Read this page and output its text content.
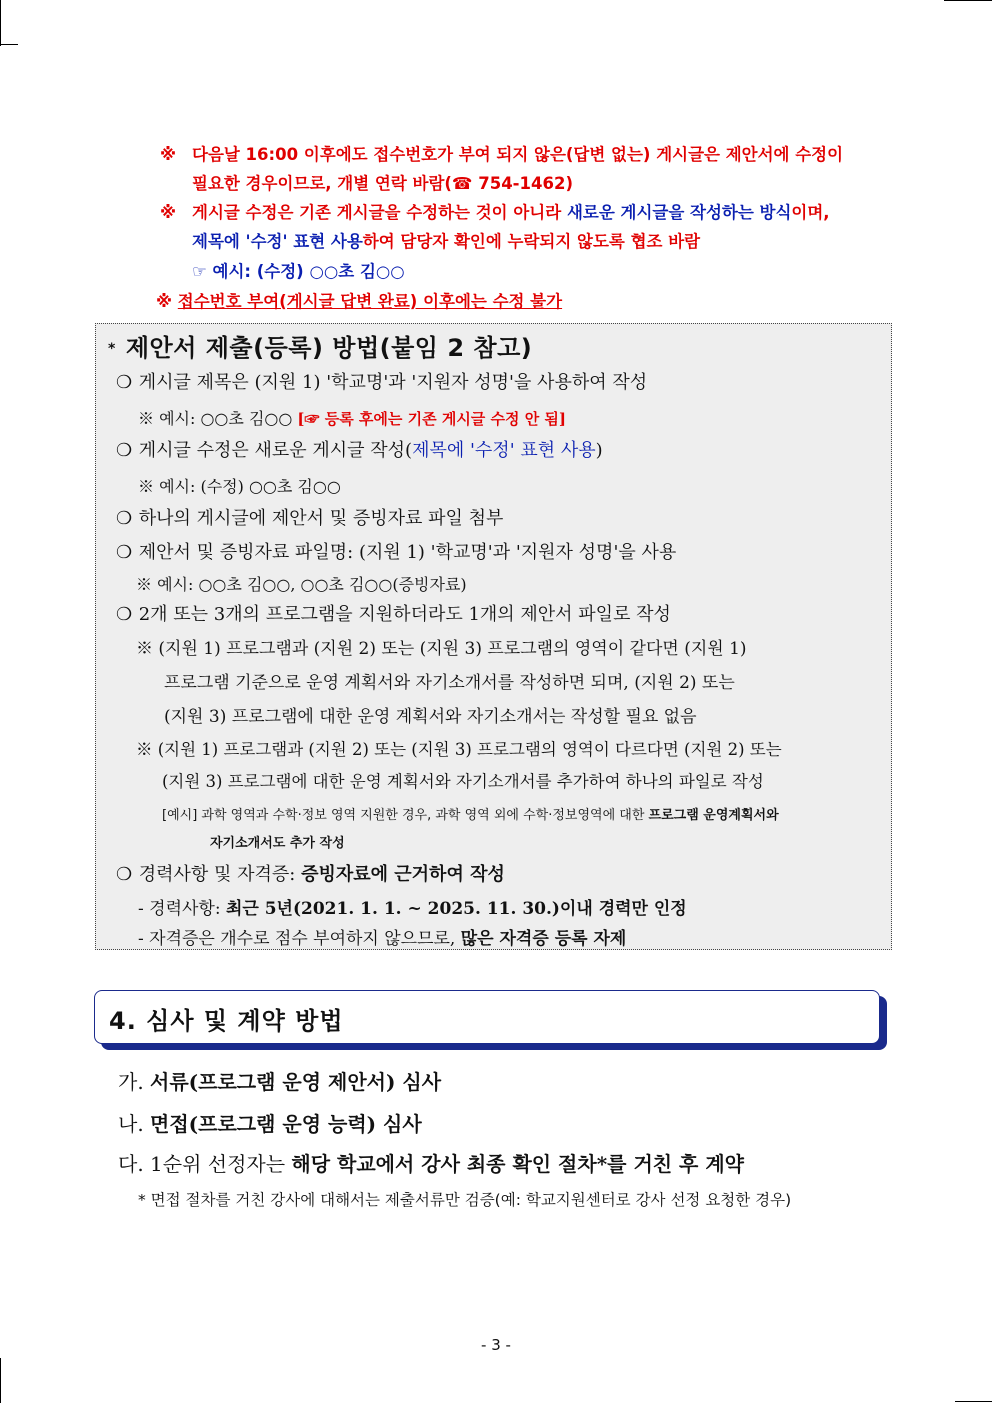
※ 다음날 16:00 이후에도 접수번호가 부여 되지 않은(답변 없는) 게시글은 제안서에 수정이
필요한 경우이므로, 개별 연락 바람(☎ 754-1462)
※ 게시글 수정은 기존 게시글을 수정하는 것이 아니라 새로운 게시글을 작성하는 방식이며,
제목에 '수정' 표현 사용하여 담당자 확인에 누락되지 않도록 협조 바람
☞ 예시: (수정) ○○초 김○○
※ 접수번호 부여(게시글 답변 완료) 이후에는 수정 불가
* 제안서 제출(등록) 방법(붙임 2 참고)
❍ 게시글 제목은 (지원 1) '학교명'과 '지원자 성명'을 사용하여 작성
※ 예시: ○○초 김○○ [☞ 등록 후에는 기존 게시글 수정 안 됨]
❍ 게시글 수정은 새로운 게시글 작성(제목에 '수정' 표현 사용)
※ 예시: (수정) ○○초 김○○
❍ 하나의 게시글에 제안서 및 증빙자료 파일 첨부
❍ 제안서 및 증빙자료 파일명: (지원 1) '학교명'과 '지원자 성명'을 사용
※ 예시: ○○초 김○○, ○○초 김○○(증빙자료)
❍ 2개 또는 3개의 프로그램을 지원하더라도 1개의 제안서 파일로 작성
※ (지원 1) 프로그램과 (지원 2) 또는 (지원 3) 프로그램의 영역이 같다면 (지원 1)
프로그램 기준으로 운영 계획서와 자기소개서를 작성하면 되며, (지원 2) 또는
(지원 3) 프로그램에 대한 운영 계획서와 자기소개서는 작성할 필요 없음
※ (지원 1) 프로그램과 (지원 2) 또는 (지원 3) 프로그램의 영역이 다르다면 (지원 2) 또는
(지원 3) 프로그램에 대한 운영 계획서와 자기소개서를 추가하여 하나의 파일로 작성
[예시] 과학 영역과 수학·정보 영역 지원한 경우, 과학 영역 외에 수학·정보영역에 대한 프로그램 운영계획서와
자기소개서도 추가 작성
❍ 경력사항 및 자격증: 증빙자료에 근거하여 작성
- 경력사항: 최근 5년(2021. 1. 1. ~ 2025. 11. 30.)이내 경력만 인정
- 자격증은 개수로 점수 부여하지 않으므로, 많은 자격증 등록 자제
4. 심사 및 계약 방법
가. 서류(프로그램 운영 제안서) 심사
나. 면접(프로그램 운영 능력) 심사
다. 1순위 선정자는 해당 학교에서 강사 최종 확인 절차*를 거친 후 계약
* 면접 절차를 거친 강사에 대해서는 제출서류만 검증(예: 학교지원센터로 강사 선정 요청한 경우)
- 3 -
